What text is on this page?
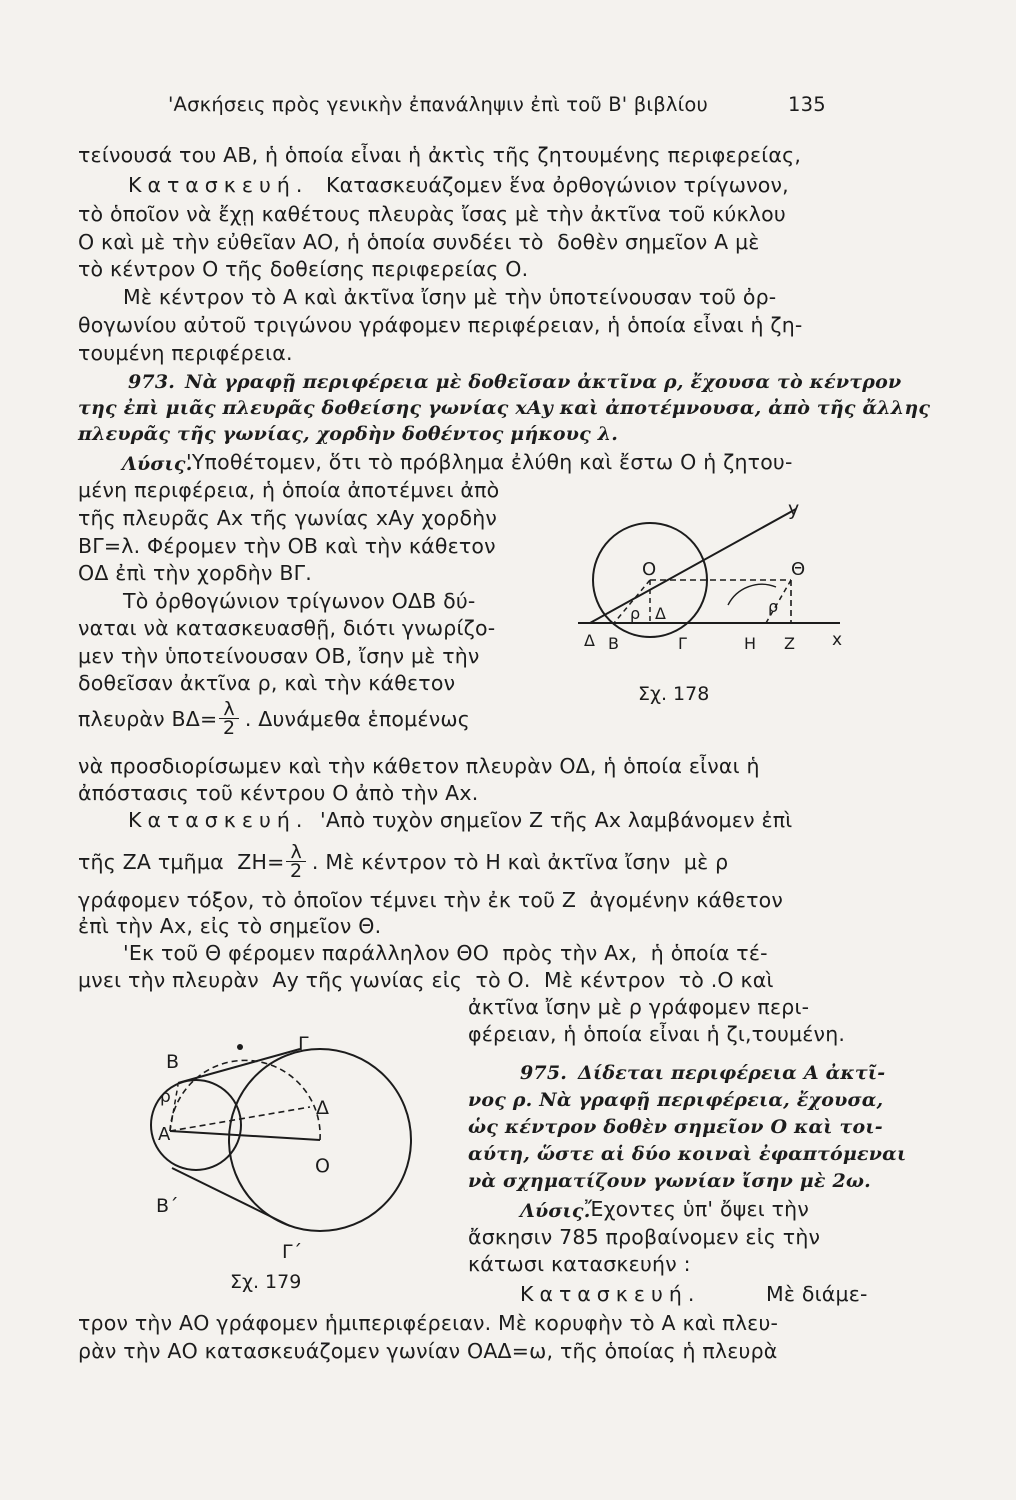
'Ασκήσεις πρὸς γενικὴν ἐπανάληψιν ἐπὶ τοῦ Β' βιβλίου	135
τείνουσά του ΑΒ, ἡ ὁποία εἶναι ἡ ἀκτὶς τῆς ζητουμένης περιφερείας,
Κατασκευή. Κατασκευάζομεν ἕνα ὀρθογώνιον τρίγωνον,
τὸ ὁποῖον νὰ ἔχῃ καθέτους πλευρὰς ἴσας μὲ τὴν ἀκτῖνα τοῦ κύκλου
Ο καὶ μὲ τὴν εὐθεῖαν ΑΟ, ἡ ὁποία συνδέει τὸ  δοθὲν σημεῖον Α μὲ
τὸ κέντρον Ο τῆς δοθείσης περιφερείας Ο.
Μὲ κέντρον τὸ Α καὶ ἀκτῖνα ἴσην μὲ τὴν ὑποτείνουσαν τοῦ ὀρ-
θογωνίου αὐτοῦ τριγώνου γράφομεν περιφέρειαν, ἡ ὁποία εἶναι ἡ ζη-
τουμένη περιφέρεια.
973. Νὰ γραφῇ περιφέρεια μὲ δοθεῖσαν ἀκτῖνα ρ, ἔχουσα τὸ κέντρον
της ἐπὶ μιᾶς πλευρᾶς δοθείσης γωνίας xΑy καὶ ἀποτέμνουσα, ἀπὸ τῆς ἄλλης
πλευρᾶς τῆς γωνίας, χορδὴν δοθέντος μήκους λ.
Λύσις.
'Υποθέτομεν, ὅτι τὸ πρόβλημα ἐλύθη καὶ ἔστω Ο ἡ ζητου-
μένη περιφέρεια, ἡ ὁποία ἀποτέμνει ἀπὸ
τῆς πλευρᾶς Αx τῆς γωνίας xΑy χορδὴν
ΒΓ=λ. Φέρομεν τὴν ΟΒ καὶ τὴν κάθετον
ΟΔ ἐπὶ τὴν χορδὴν ΒΓ.
Τὸ ὀρθογώνιον τρίγωνον ΟΔΒ δύ-
ναται νὰ κατασκευασθῇ, διότι γνωρίζο-
μεν τὴν ὑποτείνουσαν ΟΒ, ἴσην μὲ τὴν
δοθεῖσαν ἀκτῖνα ρ, καὶ τὴν κάθετον
πλευρὰν $B\Delta= \frac{\lambda}{2}$ . Δυνάμεθα ἑπομένως
νὰ προσδιορίσωμεν καὶ τὴν κάθετον πλευρὰν ΟΔ, ἡ ὁποία εἶναι ἡ
ἀπόστασις τοῦ κέντρου Ο ἀπὸ τὴν Αx.
Κατασκευή. 'Απὸ τυχὸν σημεῖον Ζ τῆς Αx λαμβάνομεν ἐπὶ
τῆς ΖΑ τμῆμα  $ZH= \frac{\lambda}{2}$ . Μὲ κέντρον τὸ Η καὶ ἀκτῖνα ἴσην  μὲ ρ
γράφομεν τόξον, τὸ ὁποῖον τέμνει τὴν ἐκ τοῦ Ζ  ἀγομένην κάθετον
ἐπὶ τὴν Αx, εἰς τὸ σημεῖον Θ.
'Εκ τοῦ Θ φέρομεν παράλληλον ΘΟ  πρὸς τὴν Αx,  ἡ ὁποία τέ-
μνει τὴν πλευρὰν  Αy τῆς γωνίας εἰς  τὸ Ο.  Μὲ κέντρον  τὸ .Ο καὶ
ἀκτῖνα ἴσην μὲ ρ γράφομεν περι-
φέρειαν, ἡ ὁποία εἶναι ἡ ζι,τουμένη.
975. Δίδεται περιφέρεια Α ἀκτῖ-
νος ρ. Νὰ γραφῇ περιφέρεια, ἔχουσα,
ὡς κέντρον δοθὲν σημεῖον Ο καὶ τοι-
αύτη, ὥστε αἱ δύο κοιναὶ ἐφαπτόμεναι
νὰ σχηματίζουν γωνίαν ἴσην μὲ 2ω.
Λύσις.
Ἔχοντες ὑπ' ὄψει τὴν
ἄσκησιν 785 προβαίνομεν εἰς τὴν
κάτωσι κατασκευήν :
Κατασκευή.	Μὲ διάμε-
τρον τὴν ΑΟ γράφομεν ἡμιπεριφέρειαν. Μὲ κορυφὴν τὸ Α καὶ πλευ-
ρὰν τὴν ΑΟ κατασκευάζομεν γωνίαν ΟΑΔ=ω, τῆς ὁποίας ἡ πλευρὰ
y
O	Θ
ρ Δ	ρ
Δ Β	Γ	Η Ζ x
Σχ. 178
Β
Γ
ρ
Α
Δ
Ο
Β΄
Γ΄
Σχ. 179
